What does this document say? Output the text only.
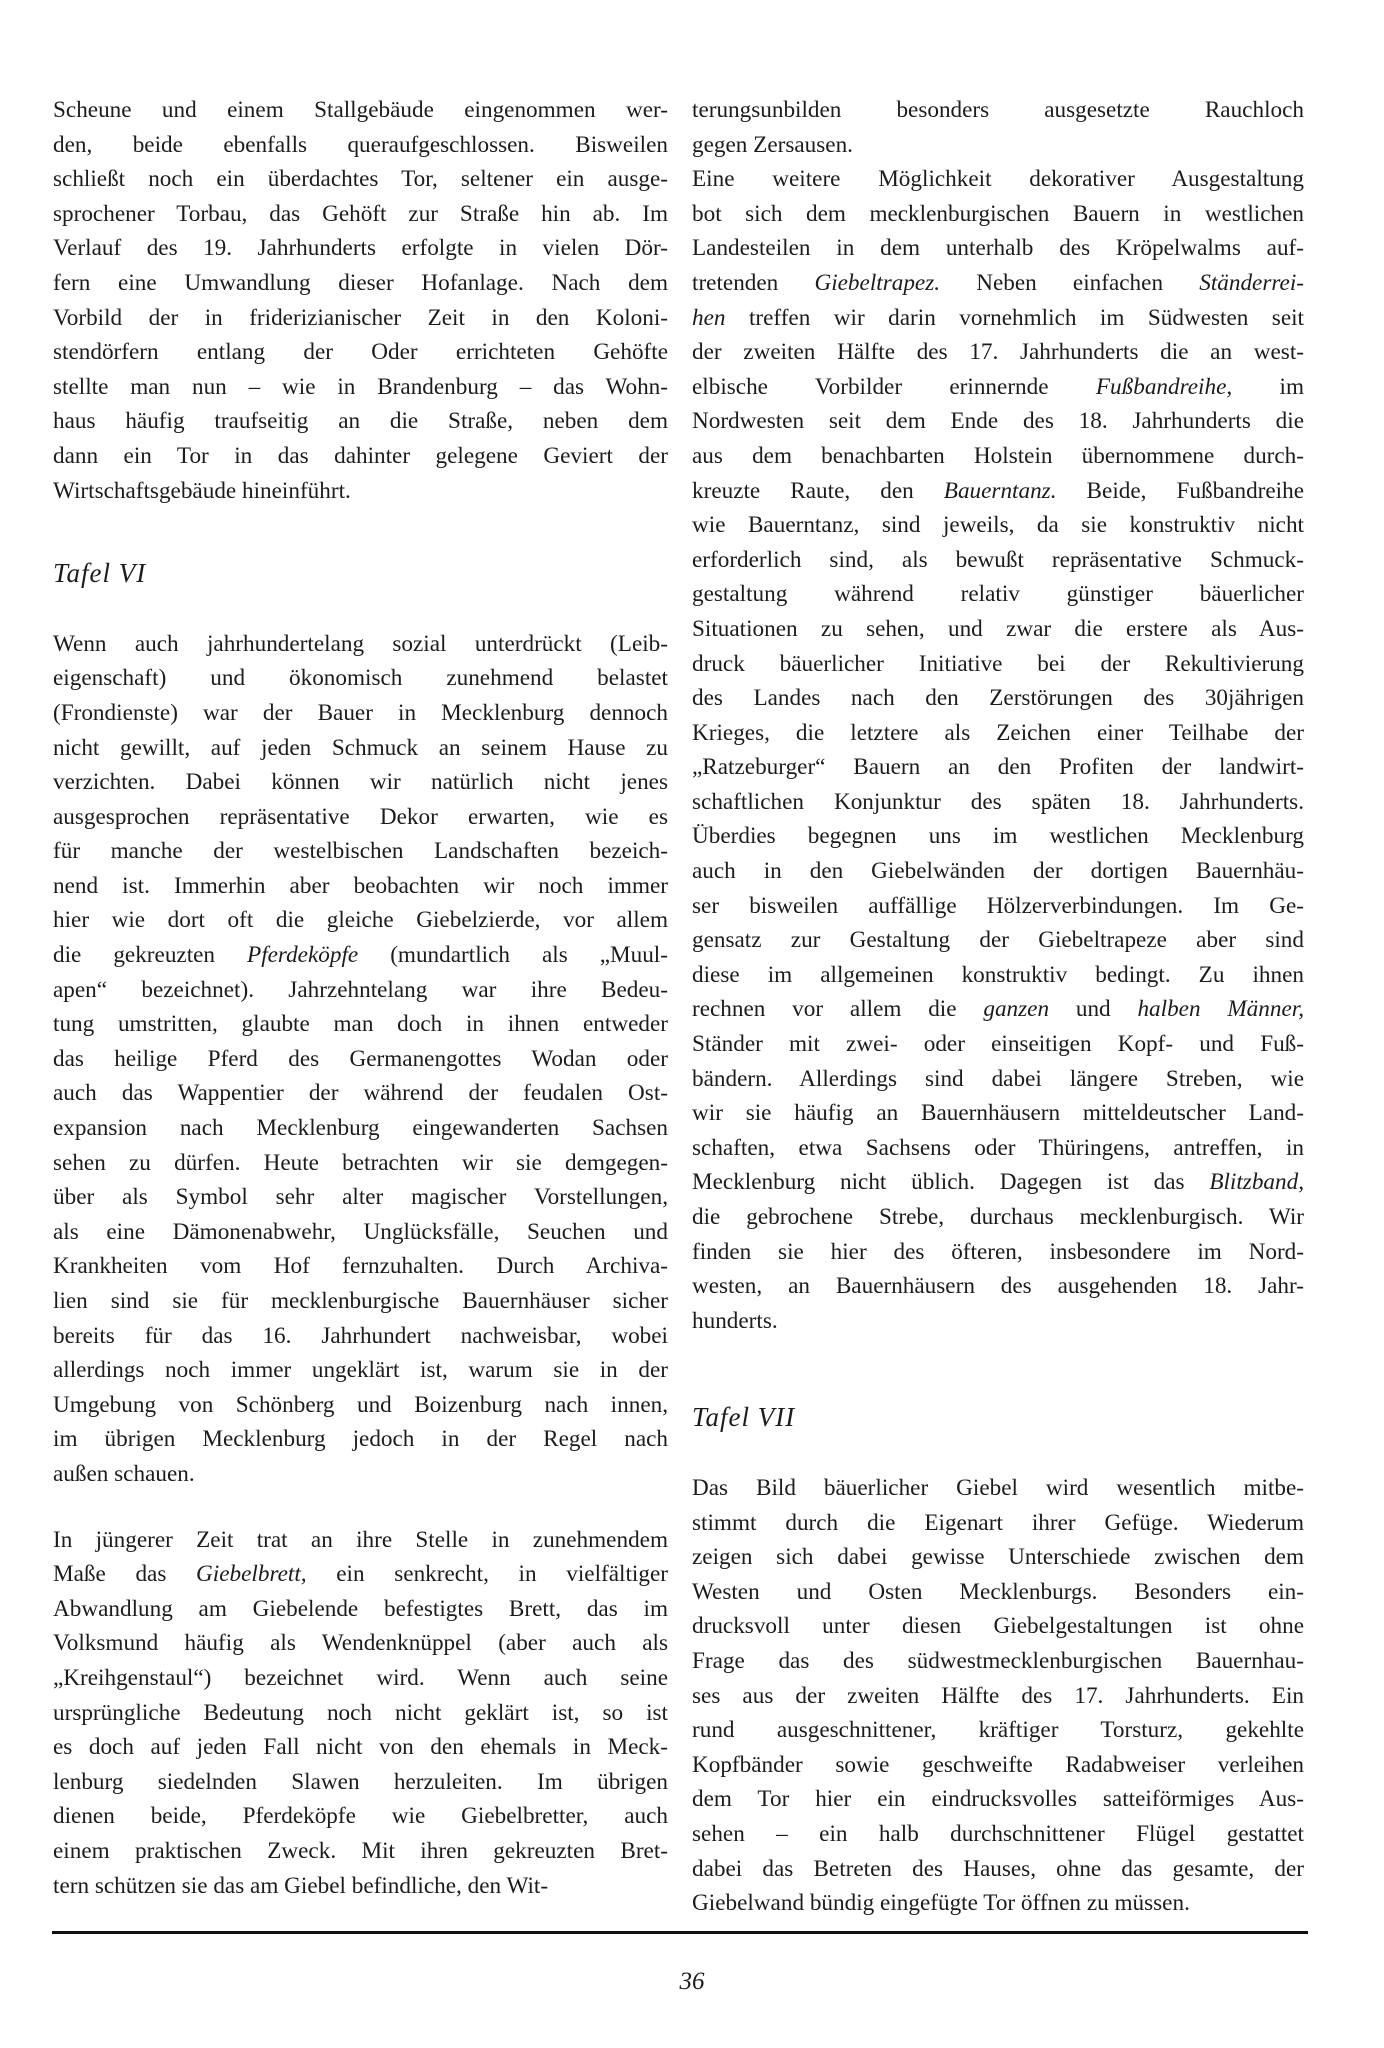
Scheune und einem Stallgebäude eingenommen wer-
den, beide ebenfalls queraufgeschlossen. Bisweilen
schließt noch ein überdachtes Tor, seltener ein ausge-
sprochener Torbau, das Gehöft zur Straße hin ab. Im
Verlauf des 19. Jahrhunderts erfolgte in vielen Dör-
fern eine Umwandlung dieser Hofanlage. Nach dem
Vorbild der in friderizianischer Zeit in den Koloni-
stendörfern entlang der Oder errichteten Gehöfte
stellte man nun – wie in Brandenburg – das Wohn-
haus häufig traufseitig an die Straße, neben dem
dann ein Tor in das dahinter gelegene Geviert der
Wirtschaftsgebäude hineinführt.
Tafel VI
Wenn auch jahrhundertelang sozial unterdrückt (Leib-
eigenschaft) und ökonomisch zunehmend belastet
(Frondienste) war der Bauer in Mecklenburg dennoch
nicht gewillt, auf jeden Schmuck an seinem Hause zu
verzichten. Dabei können wir natürlich nicht jenes
ausgesprochen repräsentative Dekor erwarten, wie es
für manche der westelbischen Landschaften bezeich-
nend ist. Immerhin aber beobachten wir noch immer
hier wie dort oft die gleiche Giebelzierde, vor allem
die gekreuzten Pferdeköpfe (mundartlich als „Muul-
apen“ bezeichnet). Jahrzehntelang war ihre Bedeu-
tung umstritten, glaubte man doch in ihnen entweder
das heilige Pferd des Germanengottes Wodan oder
auch das Wappentier der während der feudalen Ost-
expansion nach Mecklenburg eingewanderten Sachsen
sehen zu dürfen. Heute betrachten wir sie demgegen-
über als Symbol sehr alter magischer Vorstellungen,
als eine Dämonenabwehr, Unglücksfälle, Seuchen und
Krankheiten vom Hof fernzuhalten. Durch Archiva-
lien sind sie für mecklenburgische Bauernhäuser sicher
bereits für das 16. Jahrhundert nachweisbar, wobei
allerdings noch immer ungeklärt ist, warum sie in der
Umgebung von Schönberg und Boizenburg nach innen,
im übrigen Mecklenburg jedoch in der Regel nach
außen schauen.
In jüngerer Zeit trat an ihre Stelle in zunehmendem
Maße das Giebelbrett, ein senkrecht, in vielfältiger
Abwandlung am Giebelende befestigtes Brett, das im
Volksmund häufig als Wendenknüppel (aber auch als
„Kreihgenstaul“) bezeichnet wird. Wenn auch seine
ursprüngliche Bedeutung noch nicht geklärt ist, so ist
es doch auf jeden Fall nicht von den ehemals in Meck-
lenburg siedelnden Slawen herzuleiten. Im übrigen
dienen beide, Pferdeköpfe wie Giebelbretter, auch
einem praktischen Zweck. Mit ihren gekreuzten Bret-
tern schützen sie das am Giebel befindliche, den Wit-
terungsunbilden besonders ausgesetzte Rauchloch
gegen Zersausen.
Eine weitere Möglichkeit dekorativer Ausgestaltung
bot sich dem mecklenburgischen Bauern in westlichen
Landesteilen in dem unterhalb des Kröpelwalms auf-
tretenden Giebeltrapez. Neben einfachen Ständerrei-
hen treffen wir darin vornehmlich im Südwesten seit
der zweiten Hälfte des 17. Jahrhunderts die an west-
elbische Vorbilder erinnernde Fußbandreihe, im
Nordwesten seit dem Ende des 18. Jahrhunderts die
aus dem benachbarten Holstein übernommene durch-
kreuzte Raute, den Bauerntanz. Beide, Fußbandreihe
wie Bauerntanz, sind jeweils, da sie konstruktiv nicht
erforderlich sind, als bewußt repräsentative Schmuck-
gestaltung während relativ günstiger bäuerlicher
Situationen zu sehen, und zwar die erstere als Aus-
druck bäuerlicher Initiative bei der Rekultivierung
des Landes nach den Zerstörungen des 30jährigen
Krieges, die letztere als Zeichen einer Teilhabe der
„Ratzeburger“ Bauern an den Profiten der landwirt-
schaftlichen Konjunktur des späten 18. Jahrhunderts.
Überdies begegnen uns im westlichen Mecklenburg
auch in den Giebelwänden der dortigen Bauernhäu-
ser bisweilen auffällige Hölzerverbindungen. Im Ge-
gensatz zur Gestaltung der Giebeltrapeze aber sind
diese im allgemeinen konstruktiv bedingt. Zu ihnen
rechnen vor allem die ganzen und halben Männer,
Ständer mit zwei- oder einseitigen Kopf- und Fuß-
bändern. Allerdings sind dabei längere Streben, wie
wir sie häufig an Bauernhäusern mitteldeutscher Land-
schaften, etwa Sachsens oder Thüringens, antreffen, in
Mecklenburg nicht üblich. Dagegen ist das Blitzband,
die gebrochene Strebe, durchaus mecklenburgisch. Wir
finden sie hier des öfteren, insbesondere im Nord-
westen, an Bauernhäusern des ausgehenden 18. Jahr-
hunderts.
Tafel VII
Das Bild bäuerlicher Giebel wird wesentlich mitbe-
stimmt durch die Eigenart ihrer Gefüge. Wiederum
zeigen sich dabei gewisse Unterschiede zwischen dem
Westen und Osten Mecklenburgs. Besonders ein-
drucksvoll unter diesen Giebelgestaltungen ist ohne
Frage das des südwestmecklenburgischen Bauernhau-
ses aus der zweiten Hälfte des 17. Jahrhunderts. Ein
rund ausgeschnittener, kräftiger Torsturz, gekehlte
Kopfbänder sowie geschweifte Radabweiser verleihen
dem Tor hier ein eindrucksvolles satteiförmiges Aus-
sehen – ein halb durchschnittener Flügel gestattet
dabei das Betreten des Hauses, ohne das gesamte, der
Giebelwand bündig eingefügte Tor öffnen zu müssen.
36
